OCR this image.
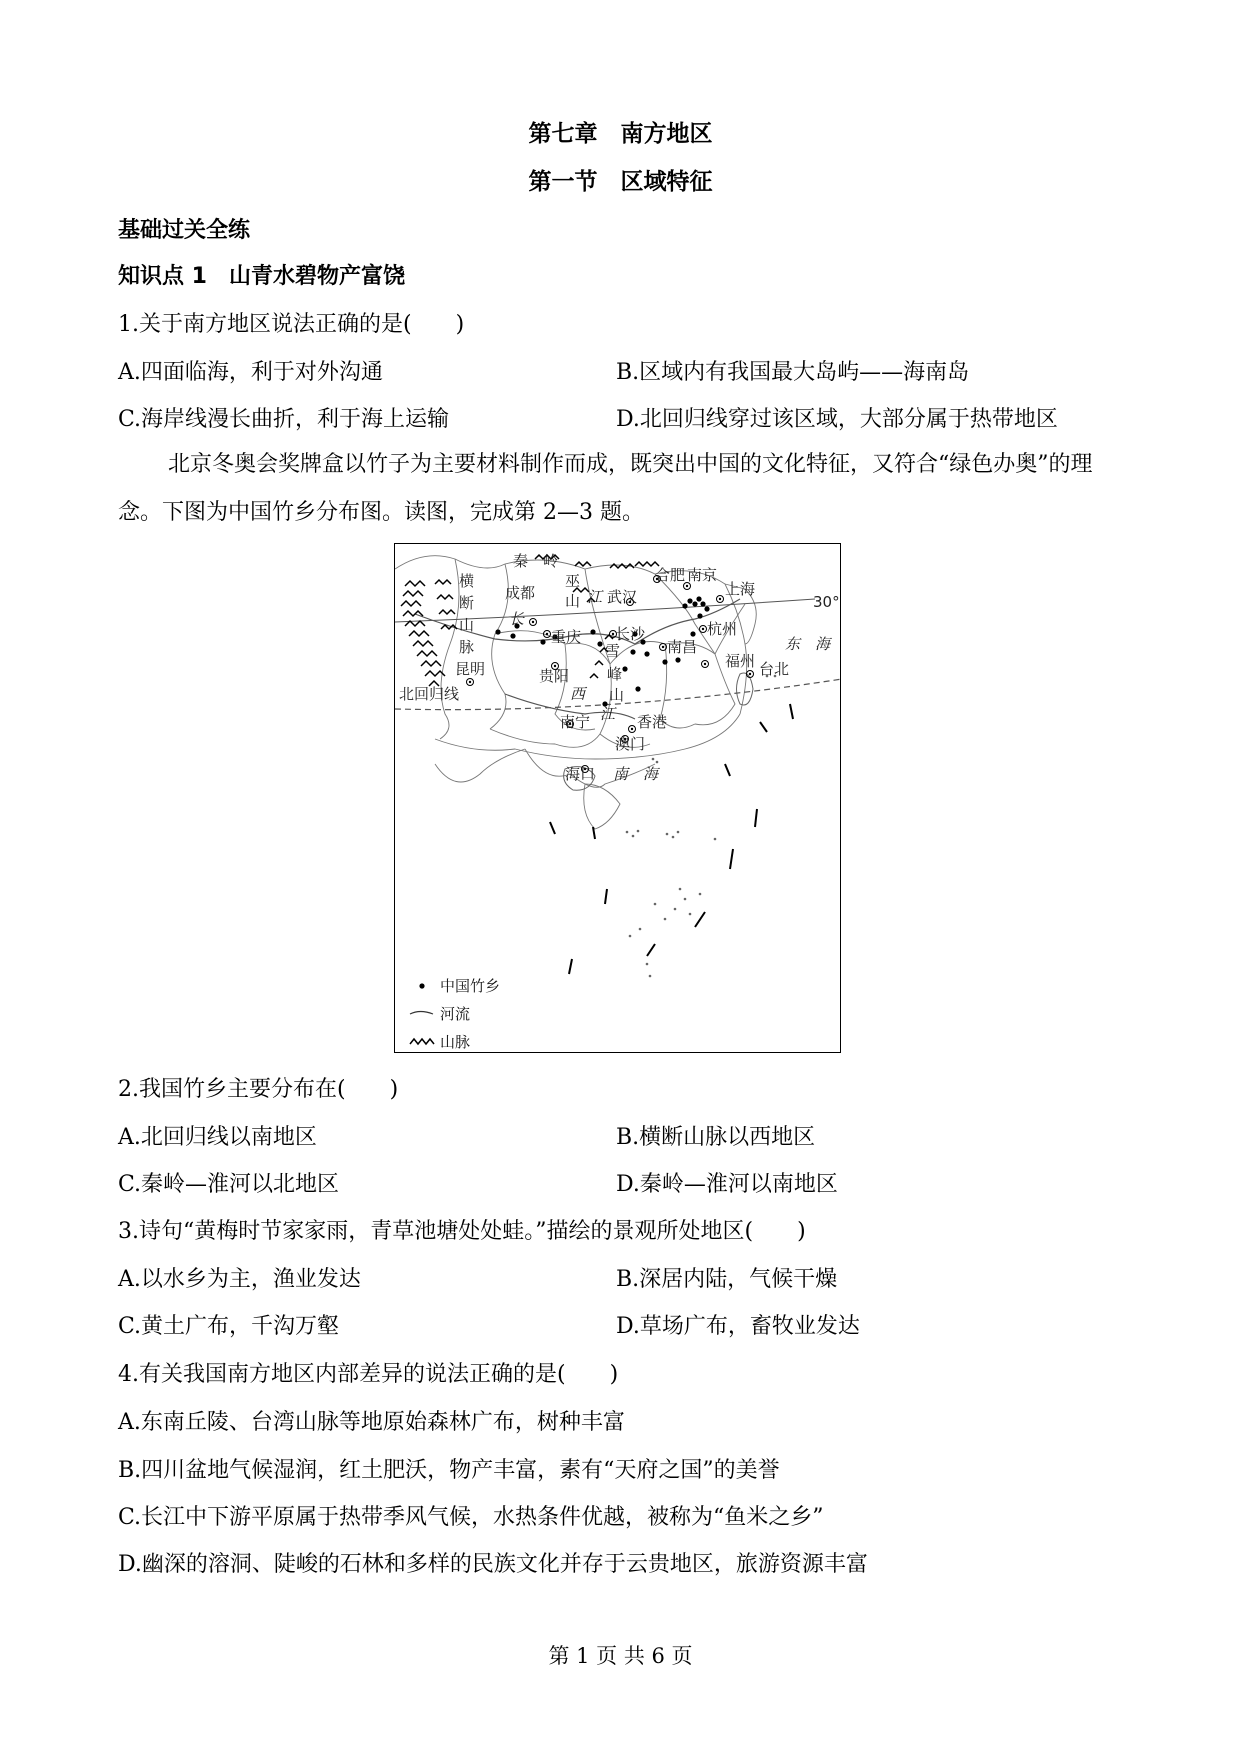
第七章　南方地区
第一节　区域特征
基础过关全练
知识点 1　山青水碧物产富饶
1.关于南方地区说法正确的是(　　)
A.四面临海，利于对外沟通	B.区域内有我国最大岛屿——海南岛
C.海岸线漫长曲折，利于海上运输	D.北回归线穿过该区域，大部分属于热带地区
北京冬奥会奖牌盒以竹子为主要材料制作而成，既突出中国的文化特征，又符合“绿色办奥”的理念。下图为中国竹乡分布图。读图，完成第 2—3 题。
秦　岭
横
断
山
脉
巫
山
成都
长
江 武汉
合肥 南京
上海
30°
重庆 长沙	杭州
东　海
雪
峰
山
南昌
福州 台北
昆明	贵阳
西
江
北回归线
南宁	香港
澳门
海口 南　海
中国竹乡
河流
山脉
2.我国竹乡主要分布在(　　)
A.北回归线以南地区	B.横断山脉以西地区
C.秦岭—淮河以北地区	D.秦岭—淮河以南地区
3.诗句“黄梅时节家家雨，青草池塘处处蛙。”描绘的景观所处地区(　　)
A.以水乡为主，渔业发达	B.深居内陆，气候干燥
C.黄土广布，千沟万壑	D.草场广布，畜牧业发达
4.有关我国南方地区内部差异的说法正确的是(　　)
A.东南丘陵、台湾山脉等地原始森林广布，树种丰富
B.四川盆地气候湿润，红土肥沃，物产丰富，素有“天府之国”的美誉
C.长江中下游平原属于热带季风气候，水热条件优越，被称为“鱼米之乡”
D.幽深的溶洞、陡峻的石林和多样的民族文化并存于云贵地区，旅游资源丰富
第 1 页 共 6 页
